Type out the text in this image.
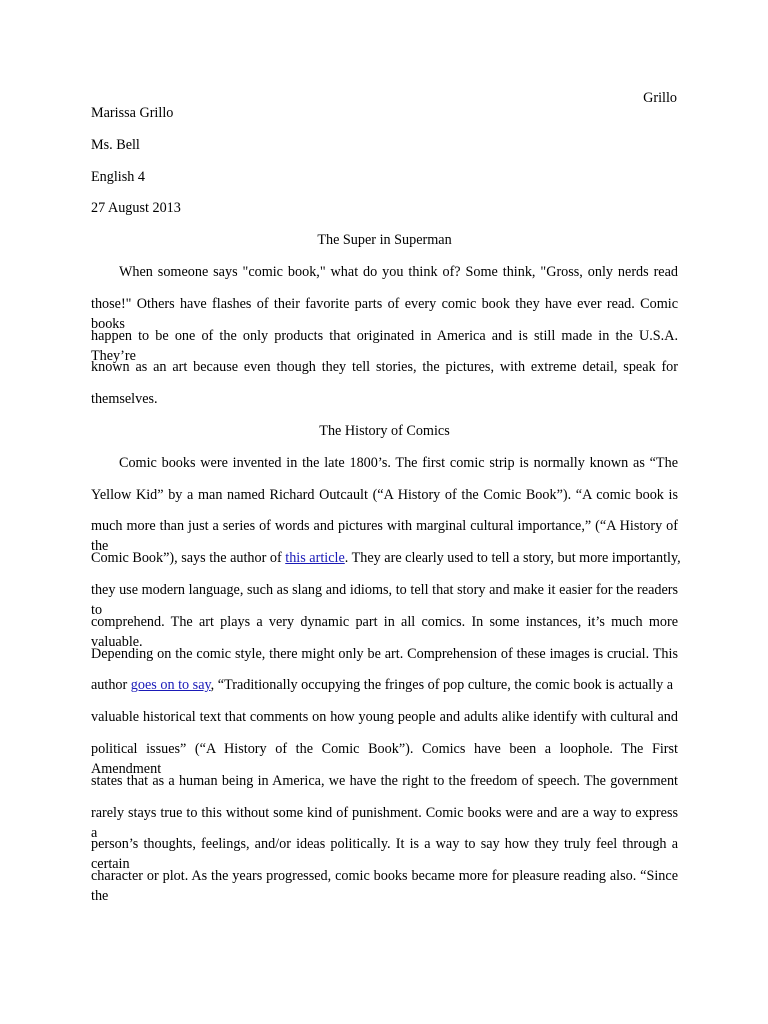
Grillo

Marissa Grillo

Ms. Bell

English 4

27 August 2013

The Super in Superman

When someone says "comic book," what do you think of? Some think, "Gross, only nerds read

those!" Others have flashes of their favorite parts of every comic book they have ever read. Comic books

happen to be one of the only products that originated in America and is still made in the U.S.A. They’re

known as an art because even though they tell stories, the pictures, with extreme detail, speak for

themselves.

The History of Comics

Comic books were invented in the late 1800’s. The first comic strip is normally known as “The

Yellow Kid” by a man named Richard Outcault (“A History of the Comic Book”). “A comic book is

much more than just a series of words and pictures with marginal cultural importance,” (“A History of the

Comic Book”), says the author of this article. They are clearly used to tell a story, but more importantly,

they use modern language, such as slang and idioms, to tell that story and make it easier for the readers to

comprehend. The art plays a very dynamic part in all comics. In some instances, it’s much more valuable.

Depending on the comic style, there might only be art. Comprehension of these images is crucial. This

author goes on to say, “Traditionally occupying the fringes of pop culture, the comic book is actually a

valuable historical text that comments on how young people and adults alike identify with cultural and

political issues” (“A History of the Comic Book”). Comics have been a loophole. The First Amendment

states that as a human being in America, we have the right to the freedom of speech. The government

rarely stays true to this without some kind of punishment. Comic books were and are a way to express a

person’s thoughts, feelings, and/or ideas politically. It is a way to say how they truly feel through a certain

character or plot. As the years progressed, comic books became more for pleasure reading also. “Since the
